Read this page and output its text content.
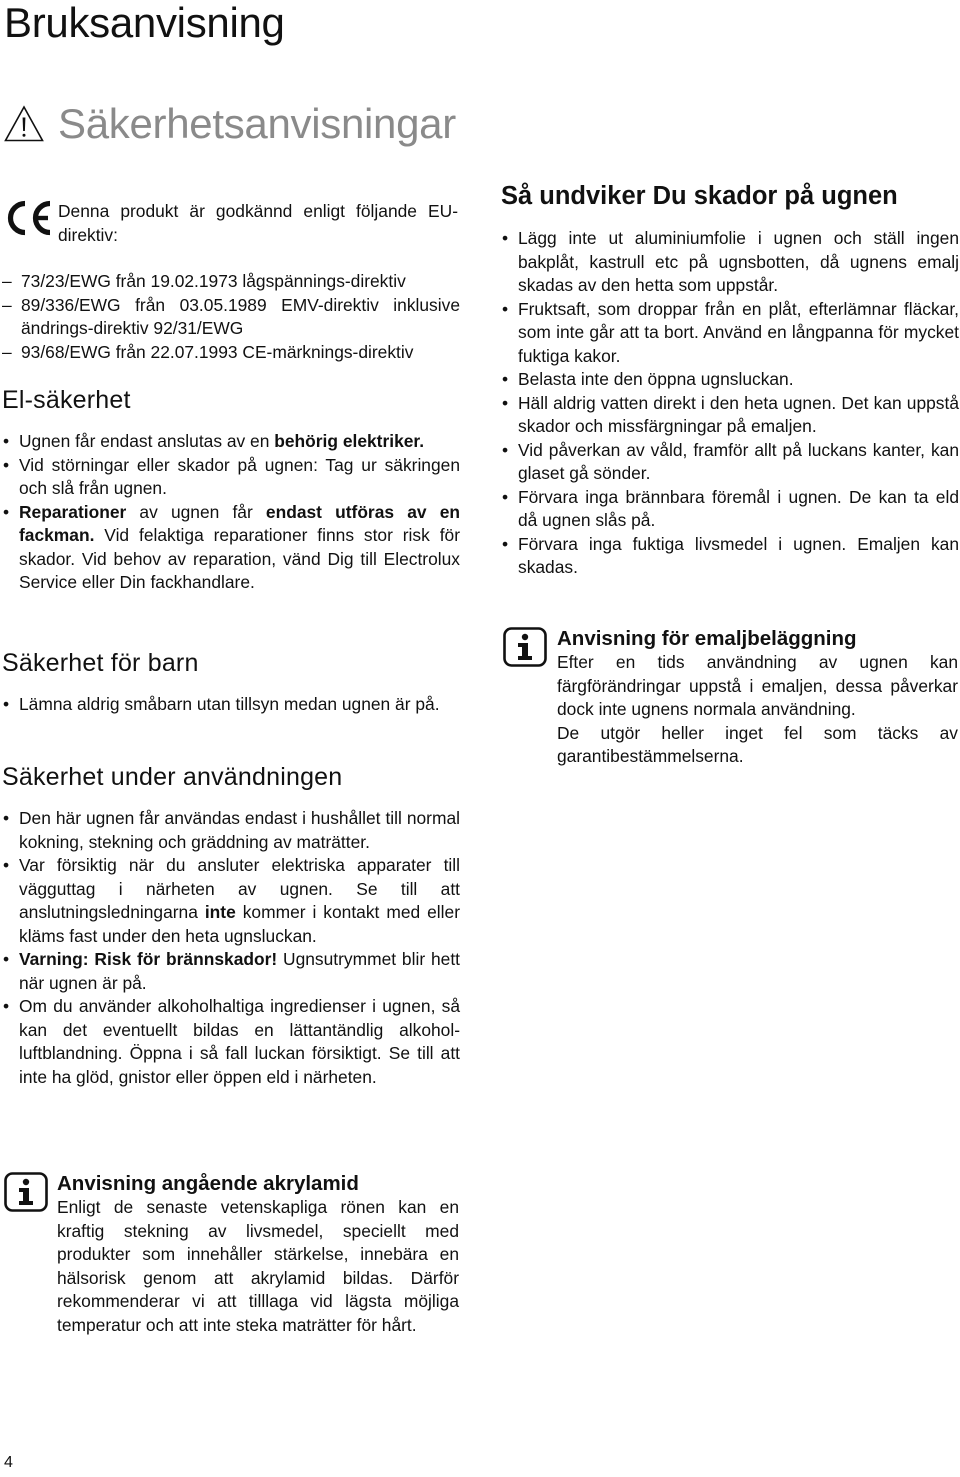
Bruksanvisning
Säkerhetsanvisningar
Denna produkt är godkännd enligt följande EU-direktiv:
– 73/23/EWG från 19.02.1973 lågspännings-direktiv
– 89/336/EWG från 03.05.1989 EMV-direktiv inklusive ändrings-direktiv 92/31/EWG
– 93/68/EWG från 22.07.1993 CE-märknings-direktiv
El-säkerhet
• Ugnen får endast anslutas av en behörig elektriker.
• Vid störningar eller skador på ugnen: Tag ur säkringen och slå från ugnen.
• Reparationer av ugnen får endast utföras av en fackman. Vid felaktiga reparationer finns stor risk för skador. Vid behov av reparation, vänd Dig till Electrolux Service eller Din fackhandlare.
Säkerhet för barn
• Lämna aldrig småbarn utan tillsyn medan ugnen är på.
Säkerhet under användningen
• Den här ugnen får användas endast i hushållet till normal kokning, stekning och gräddning av maträtter.
• Var försiktig när du ansluter elektriska apparater till vägguttag i närheten av ugnen. Se till att anslutningsledningarna inte kommer i kontakt med eller kläms fast under den heta ugnsluckan.
• Varning: Risk för brännskador! Ugnsutrymmet blir hett när ugnen är på.
• Om du använder alkoholhaltiga ingredienser i ugnen, så kan det eventuellt bildas en lättantändlig alkohol-luftblandning. Öppna i så fall luckan försiktigt. Se till att inte ha glöd, gnistor eller öppen eld i närheten.
Anvisning angående akrylamid
Enligt de senaste vetenskapliga rönen kan en kraftig stekning av livsmedel, speciellt med produkter som innehåller stärkelse, innebära en hälsorisk genom att akrylamid bildas. Därför rekommenderar vi att tilllaga vid lägsta möjliga temperatur och att inte steka maträtter för hårt.
Så undviker Du skador på ugnen
• Lägg inte ut aluminiumfolie i ugnen och ställ ingen bakplåt, kastrull etc på ugnsbotten, då ugnens emalj skadas av den hetta som uppstår.
• Fruktsaft, som droppar från en plåt, efterlämnar fläckar, som inte går att ta bort. Använd en långpanna för mycket fuktiga kakor.
• Belasta inte den öppna ugnsluckan.
• Häll aldrig vatten direkt i den heta ugnen. Det kan uppstå skador och missfärgningar på emaljen.
• Vid påverkan av våld, framför allt på luckans kanter, kan glaset gå sönder.
• Förvara inga brännbara föremål i ugnen. De kan ta eld då ugnen slås på.
• Förvara inga fuktiga livsmedel i ugnen. Emaljen kan skadas.
Anvisning för emaljbeläggning
Efter en tids användning av ugnen kan färgförändringar uppstå i emaljen, dessa påverkar dock inte ugnens normala användning.
De utgör heller inget fel som täcks av garantibestämmelserna.
4
